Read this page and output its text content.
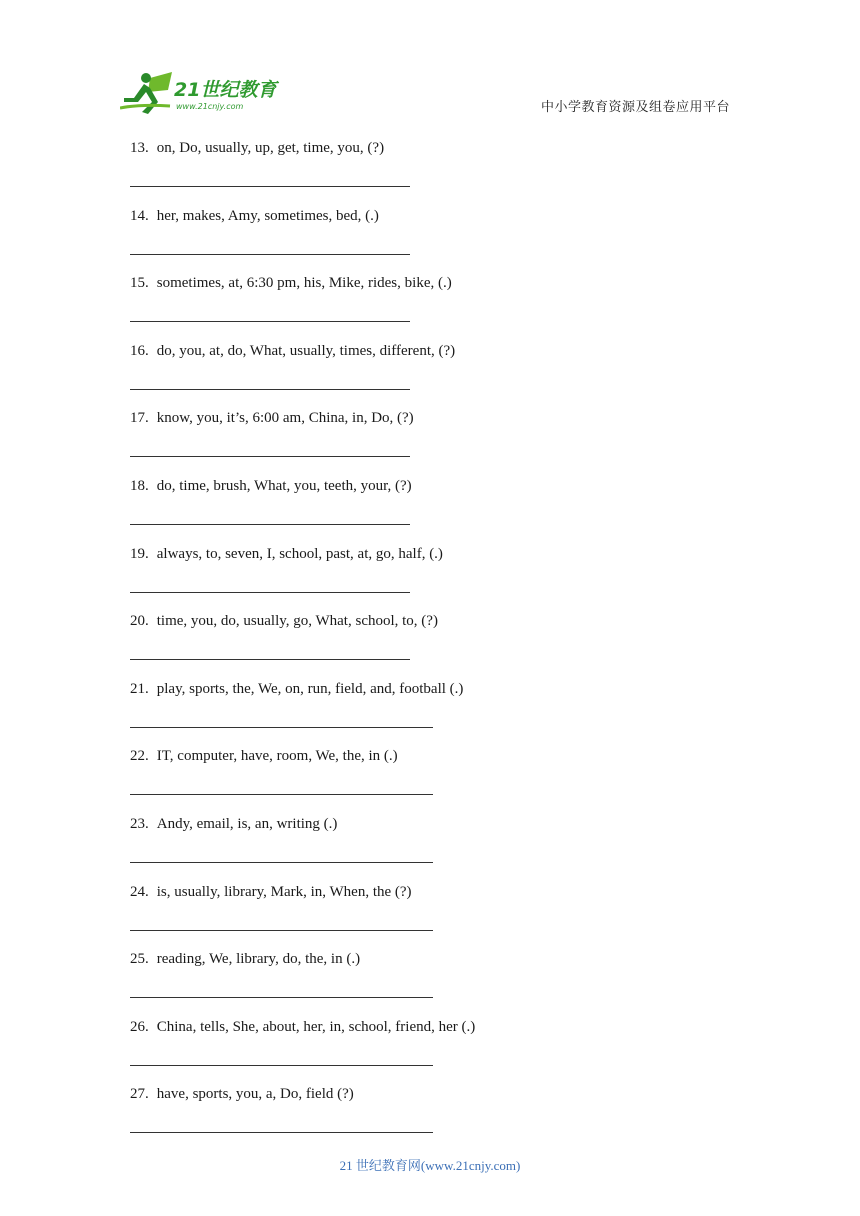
21世纪教育
www.21cnjy.com	中小学教育资源及组卷应用平台
13. on, Do, usually, up, get, time, you, (?)
14. her, makes, Amy, sometimes, bed, (.)
15. sometimes, at, 6:30 pm, his, Mike, rides, bike, (.)
16. do, you, at, do, What, usually, times, different, (?)
17. know, you, it’s, 6:00 am, China, in, Do, (?)
18. do, time, brush, What, you, teeth, your, (?)
19. always, to, seven, I, school, past, at, go, half, (.)
20. time, you, do, usually, go, What, school, to, (?)
21. play, sports, the, We, on, run, field, and, football (.)
22. IT, computer, have, room, We, the, in (.)
23. Andy, email, is, an, writing (.)
24. is, usually, library, Mark, in, When, the (?)
25. reading, We, library, do, the, in (.)
26. China, tells, She, about, her, in, school, friend, her (.)
27. have, sports, you, a, Do, field (?)
21 世纪教育网(www.21cnjy.com)
